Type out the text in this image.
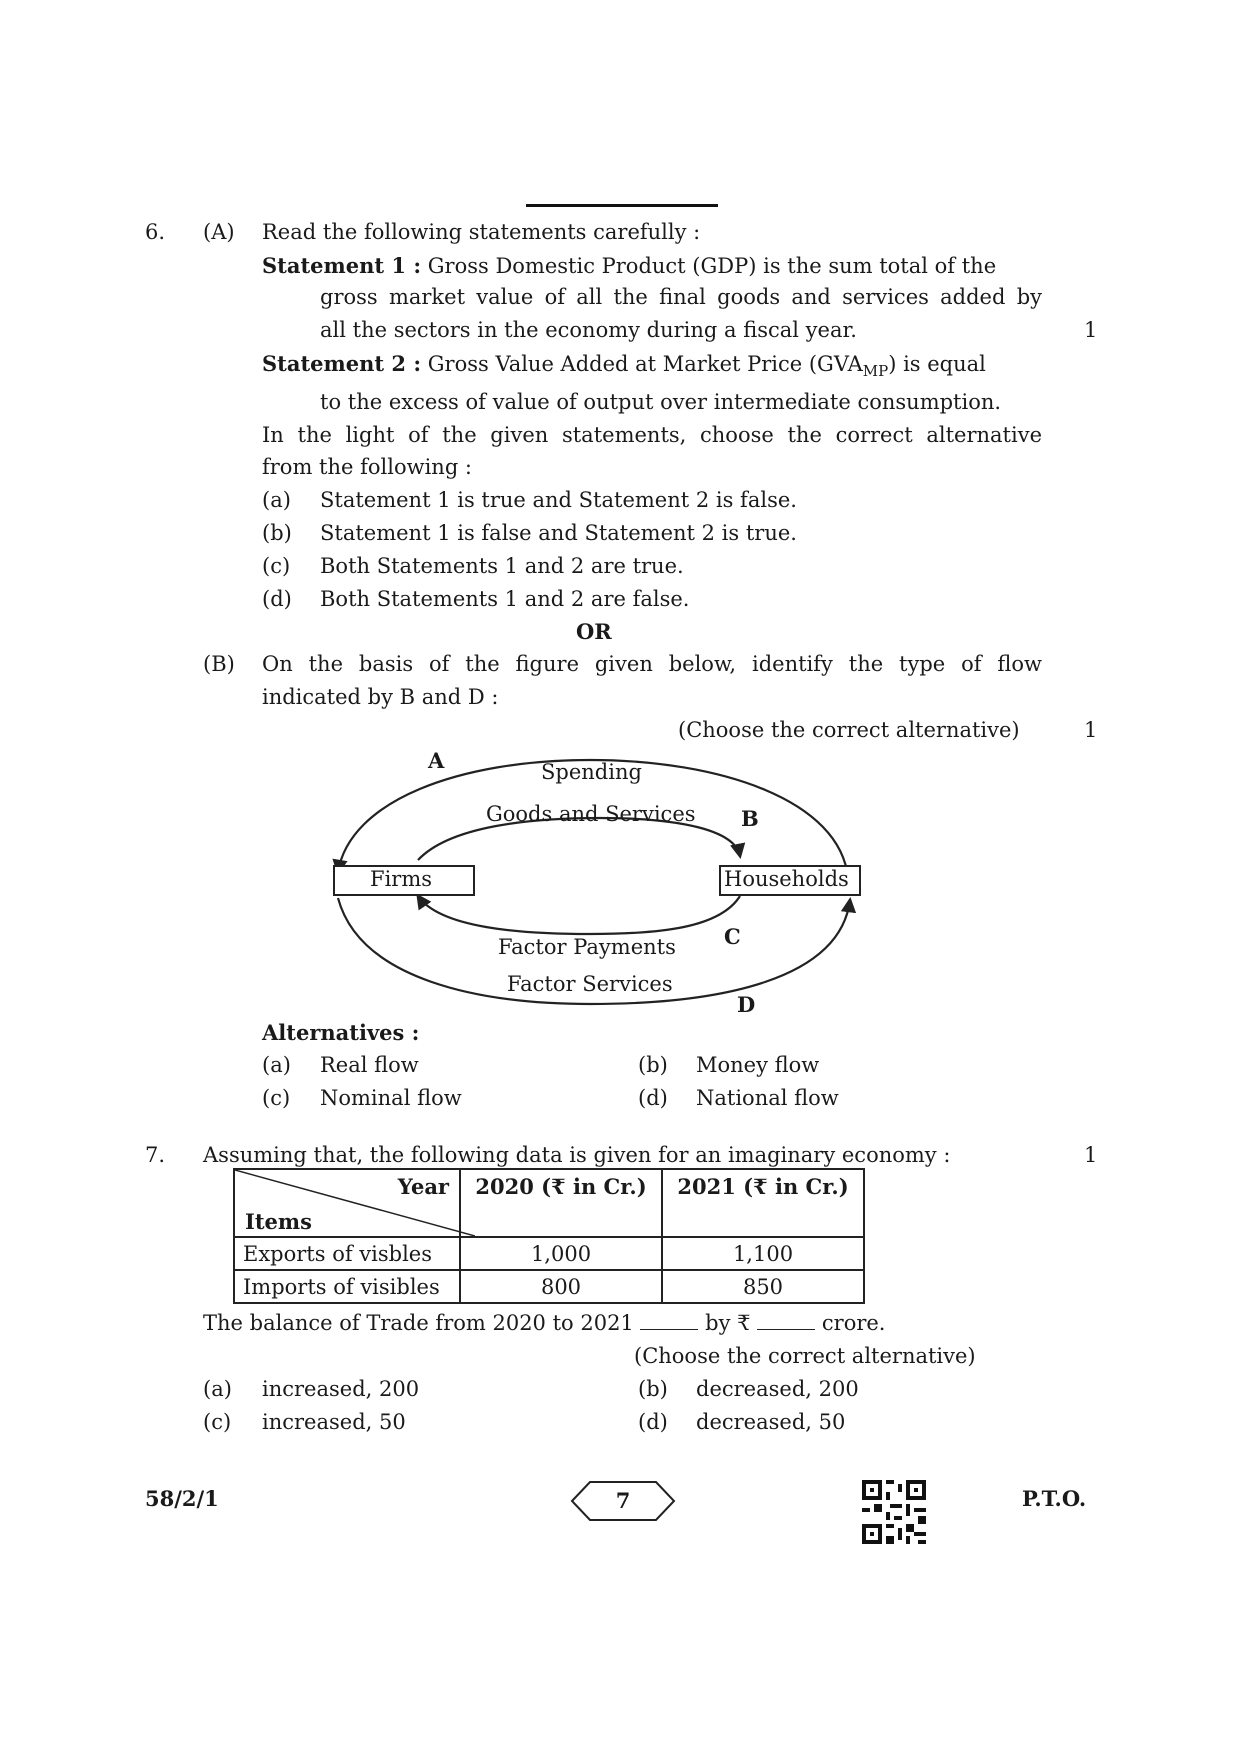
6. (A) Read the following statements carefully :
Statement 1 : Gross Domestic Product (GDP) is the sum total of the
gross market value of all the final goods and services added by
all the sectors in the economy during a fiscal year.	1
Statement 2 : Gross Value Added at Market Price $(GVA_{MP})$ is equal
to the excess of value of output over intermediate consumption.
In the light of the given statements, choose the correct alternative
from the following :
(a) Statement 1 is true and Statement 2 is false.
(b) Statement 1 is false and Statement 2 is true.
(c) Both Statements 1 and 2 are true.
(d) Both Statements 1 and 2 are false.
OR
(B) On the basis of the figure given below, identify the type of flow
indicated by B and D :
(Choose the correct alternative)	1
A	Spending
Goods and Services B
Firms	Households
C
Factor Payments
Factor Services
D
Alternatives :
(a) Real flow	(b) Money flow
(c) Nominal flow	(d) National flow
7. Assuming that, the following data is given for an imaginary economy :	1
Year
Items	2020 (₹ in Cr.)	2021 (₹ in Cr.)
Exports of visbles	1,000	1,100
Imports of visibles	800	850
The balance of Trade from 2020 to 2021	by ₹	crore.
(Choose the correct alternative)
(a) increased, 200	(b) decreased, 200
(c) increased, 50	(d) decreased, 50
58/2/1	7	P.T.O.
